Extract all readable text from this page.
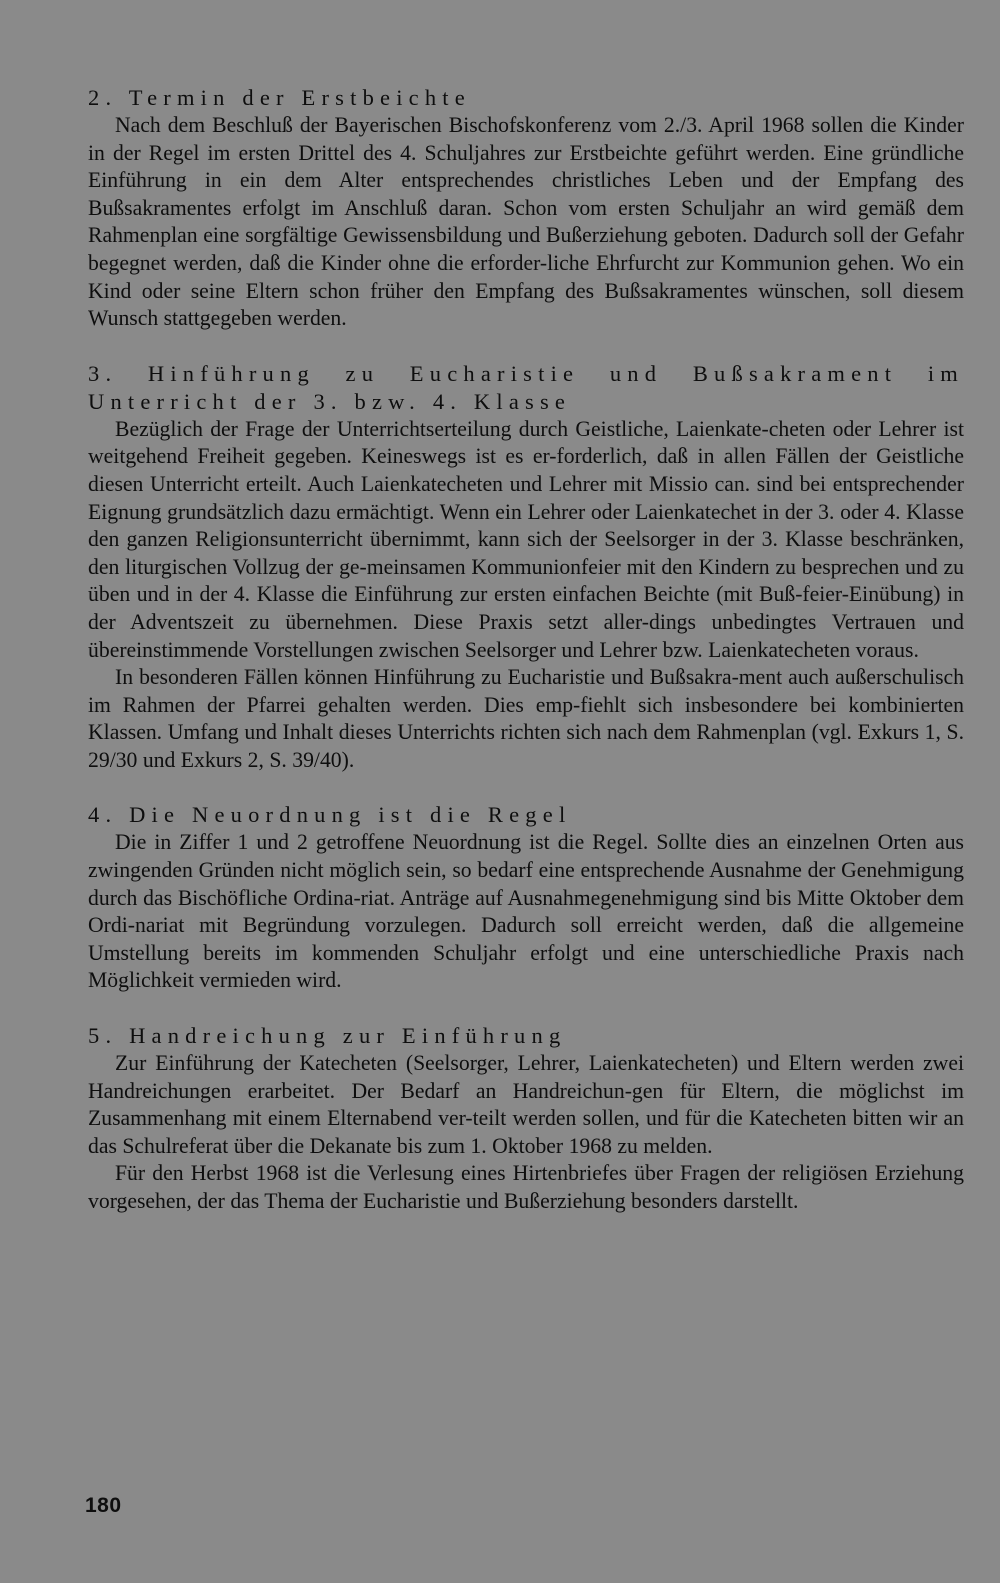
2. Termin der Erstbeichte

Nach dem Beschluß der Bayerischen Bischofskonferenz vom 2./3. April 1968 sollen die Kinder in der Regel im ersten Drittel des 4. Schuljahres zur Erstbeichte geführt werden. Eine gründliche Einführung in ein dem Alter entsprechendes christliches Leben und der Empfang des Bußsakramentes erfolgt im Anschluß daran. Schon vom ersten Schuljahr an wird gemäß dem Rahmenplan eine sorgfältige Gewissensbildung und Bußerziehung geboten. Dadurch soll der Gefahr begegnet werden, daß die Kinder ohne die erforder-liche Ehrfurcht zur Kommunion gehen. Wo ein Kind oder seine Eltern schon früher den Empfang des Bußsakramentes wünschen, soll diesem Wunsch stattgegeben werden.

3. Hinführung zu Eucharistie und Bußsakrament im Unterricht der 3. bzw. 4. Klasse

Bezüglich der Frage der Unterrichtserteilung durch Geistliche, Laienkate-cheten oder Lehrer ist weitgehend Freiheit gegeben. Keineswegs ist es er-forderlich, daß in allen Fällen der Geistliche diesen Unterricht erteilt. Auch Laienkatecheten und Lehrer mit Missio can. sind bei entsprechender Eignung grundsätzlich dazu ermächtigt. Wenn ein Lehrer oder Laienkatechet in der 3. oder 4. Klasse den ganzen Religionsunterricht übernimmt, kann sich der Seelsorger in der 3. Klasse beschränken, den liturgischen Vollzug der ge-meinsamen Kommunionfeier mit den Kindern zu besprechen und zu üben und in der 4. Klasse die Einführung zur ersten einfachen Beichte (mit Buß-feier-Einübung) in der Adventszeit zu übernehmen. Diese Praxis setzt aller-dings unbedingtes Vertrauen und übereinstimmende Vorstellungen zwischen Seelsorger und Lehrer bzw. Laienkatecheten voraus.

In besonderen Fällen können Hinführung zu Eucharistie und Bußsakra-ment auch außerschulisch im Rahmen der Pfarrei gehalten werden. Dies emp-fiehlt sich insbesondere bei kombinierten Klassen. Umfang und Inhalt dieses Unterrichts richten sich nach dem Rahmenplan (vgl. Exkurs 1, S. 29/30 und Exkurs 2, S. 39/40).

4. Die Neuordnung ist die Regel

Die in Ziffer 1 und 2 getroffene Neuordnung ist die Regel. Sollte dies an einzelnen Orten aus zwingenden Gründen nicht möglich sein, so bedarf eine entsprechende Ausnahme der Genehmigung durch das Bischöfliche Ordina-riat. Anträge auf Ausnahmegenehmigung sind bis Mitte Oktober dem Ordi-nariat mit Begründung vorzulegen. Dadurch soll erreicht werden, daß die allgemeine Umstellung bereits im kommenden Schuljahr erfolgt und eine unterschiedliche Praxis nach Möglichkeit vermieden wird.

5. Handreichung zur Einführung

Zur Einführung der Katecheten (Seelsorger, Lehrer, Laienkatecheten) und Eltern werden zwei Handreichungen erarbeitet. Der Bedarf an Handreichun-gen für Eltern, die möglichst im Zusammenhang mit einem Elternabend ver-teilt werden sollen, und für die Katecheten bitten wir an das Schulreferat über die Dekanate bis zum 1. Oktober 1968 zu melden.

Für den Herbst 1968 ist die Verlesung eines Hirtenbriefes über Fragen der religiösen Erziehung vorgesehen, der das Thema der Eucharistie und Bußerziehung besonders darstellt.

180
